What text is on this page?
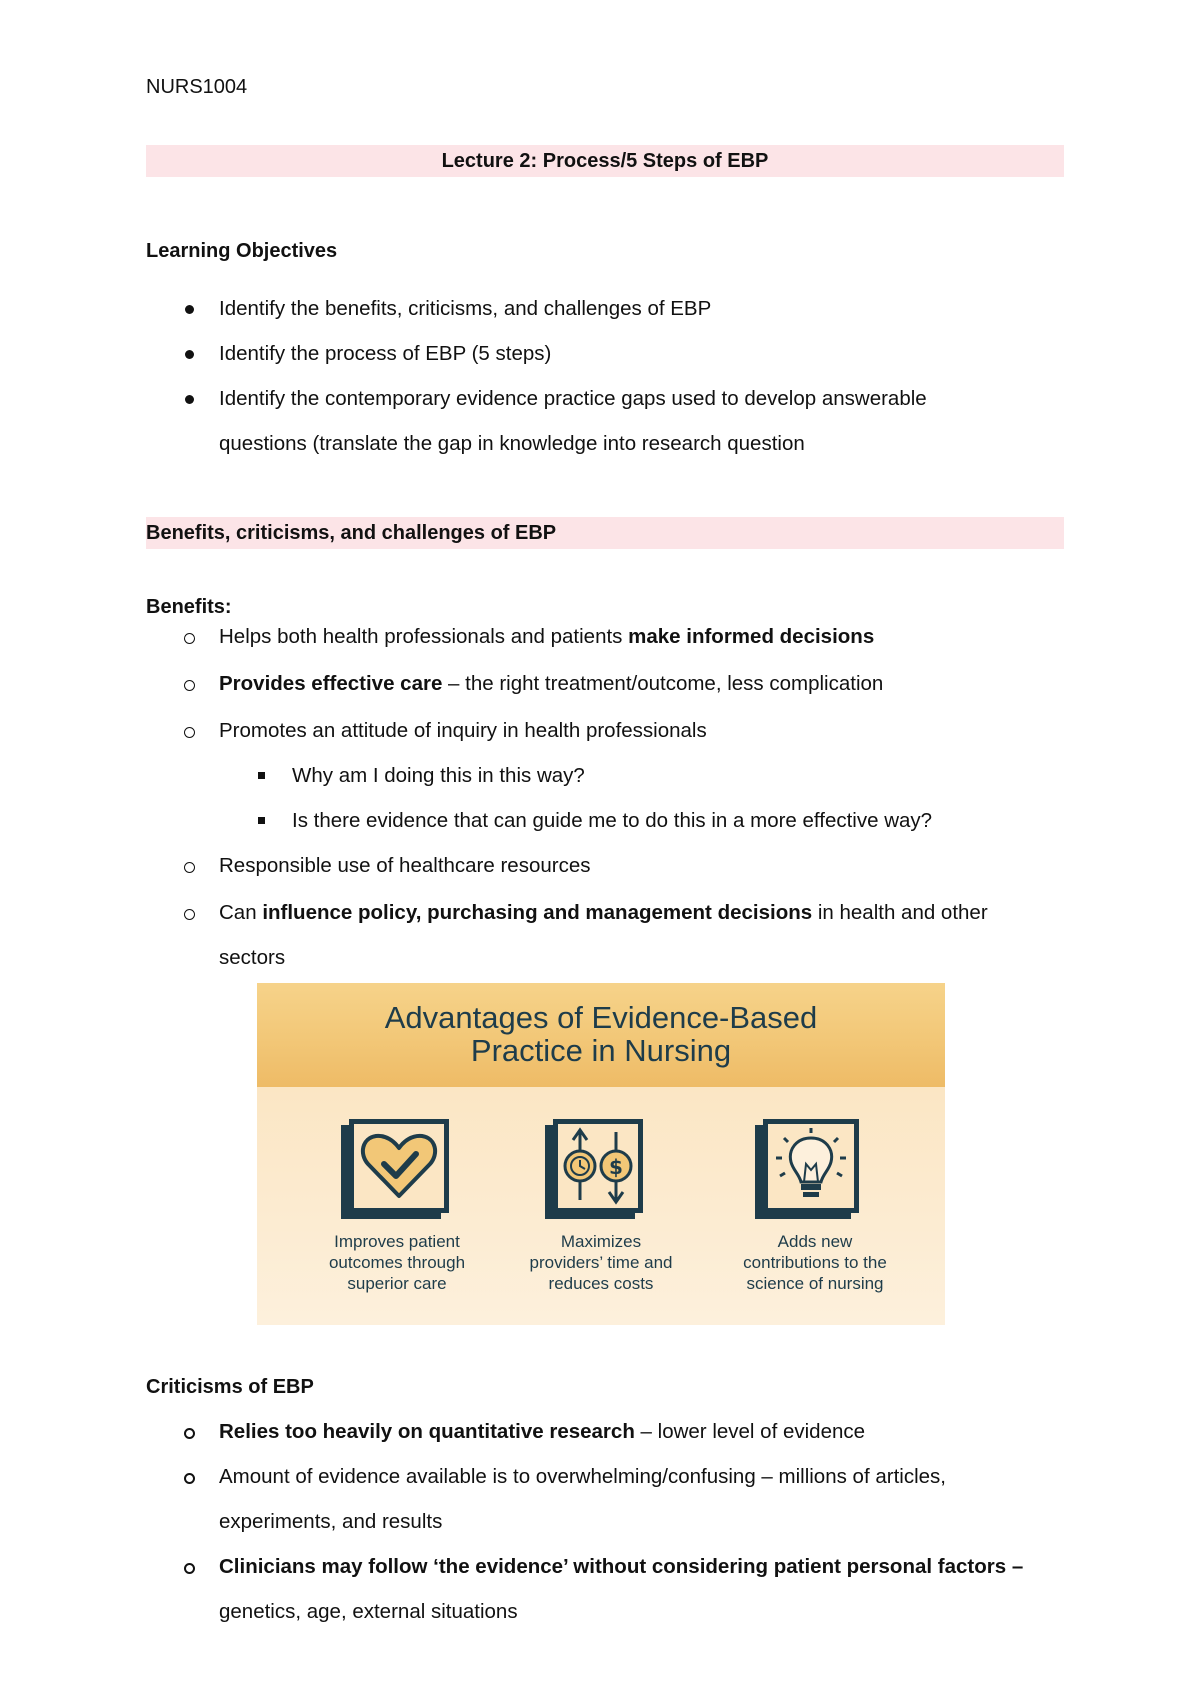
NURS1004
Lecture 2: Process/5 Steps of EBP
Learning Objectives
Identify the benefits, criticisms, and challenges of EBP
Identify the process of EBP (5 steps)
Identify the contemporary evidence practice gaps used to develop answerable
questions (translate the gap in knowledge into research question
Benefits, criticisms, and challenges of EBP
Benefits:
Helps both health professionals and patients make informed decisions
Provides effective care – the right treatment/outcome, less complication
Promotes an attitude of inquiry in health professionals
Why am I doing this in this way?
Is there evidence that can guide me to do this in a more effective way?
Responsible use of healthcare resources
Can influence policy, purchasing and management decisions in health and other
sectors
Advantages of Evidence-Based
Practice in Nursing
$
Improves patient
outcomes through
superior care
Maximizes
providers’ time and
reduces costs
Adds new
contributions to the
science of nursing
Criticisms of EBP
Relies too heavily on quantitative research – lower level of evidence
Amount of evidence available is to overwhelming/confusing – millions of articles,
experiments, and results
Clinicians may follow ‘the evidence’ without considering patient personal factors –
genetics, age, external situations
